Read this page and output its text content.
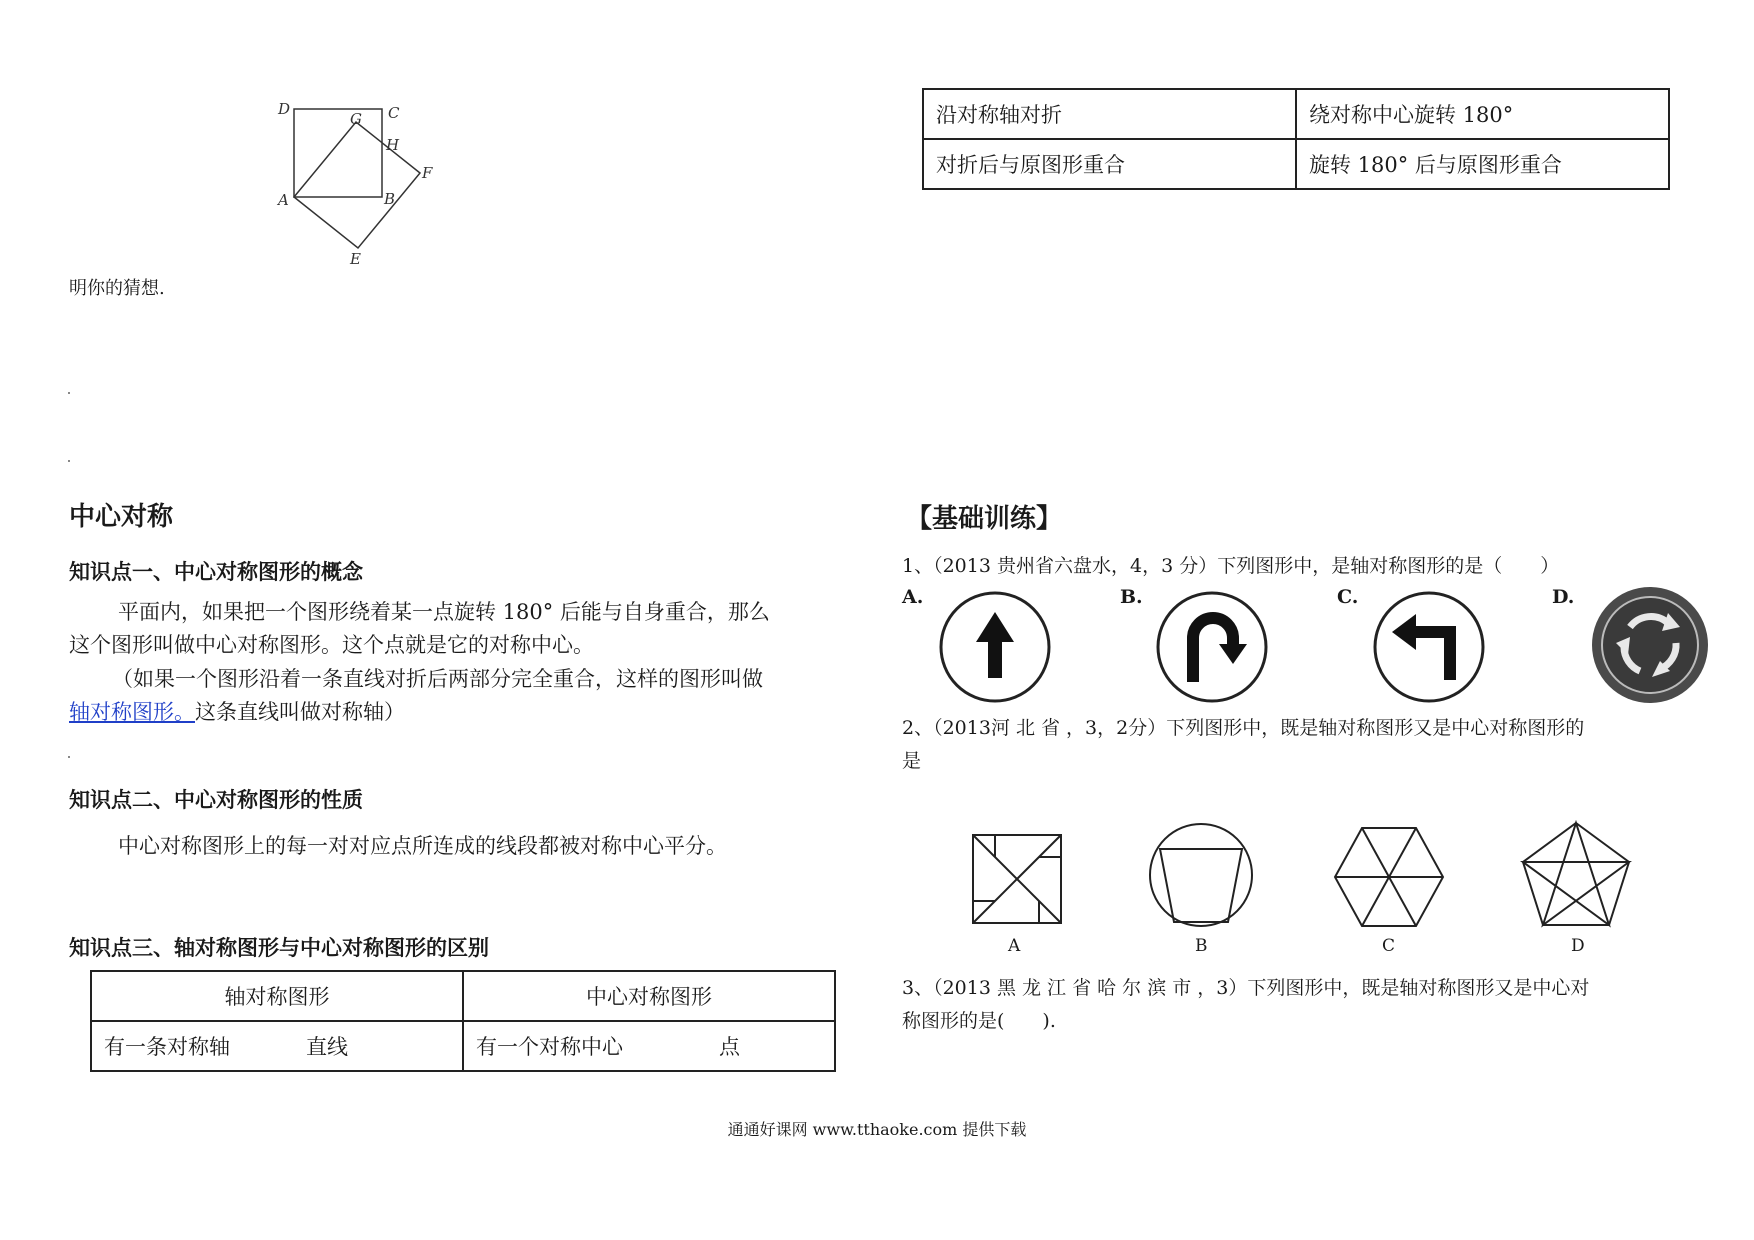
D
G C
H
F
A	B
E
明你的猜想.
沿对称轴对折	绕对称中心旋转 180°
对折后与原图形重合	旋转 180° 后与原图形重合
中心对称
知识点一、中心对称图形的概念
平面内，如果把一个图形绕着某一点旋转 180° 后能与自身重合，那么
这个图形叫做中心对称图形。这个点就是它的对称中心。
（如果一个图形沿着一条直线对折后两部分完全重合，这样的图形叫做
轴对称图形。这条直线叫做对称轴）
知识点二、中心对称图形的性质
中心对称图形上的每一对对应点所连成的线段都被对称中心平分。
知识点三、轴对称图形与中心对称图形的区别
轴对称图形	中心对称图形
有一条对称轴 直线	有一个对称中心 点
【基础训练】
1、（2013 贵州省六盘水，4，3 分）下列图形中，是轴对称图形的是（　　）
A.	B.	C.	D.
2、（2013河 北 省 ，3，2分）下列图形中，既是轴对称图形又是中心对称图形的
是
A	B	C	D
3、（2013 黑 龙 江 省 哈 尔 滨 市 ，3）下列图形中，既是轴对称图形又是中心对
称图形的是(　　).
通通好课网 www.tthaoke.com 提供下载
